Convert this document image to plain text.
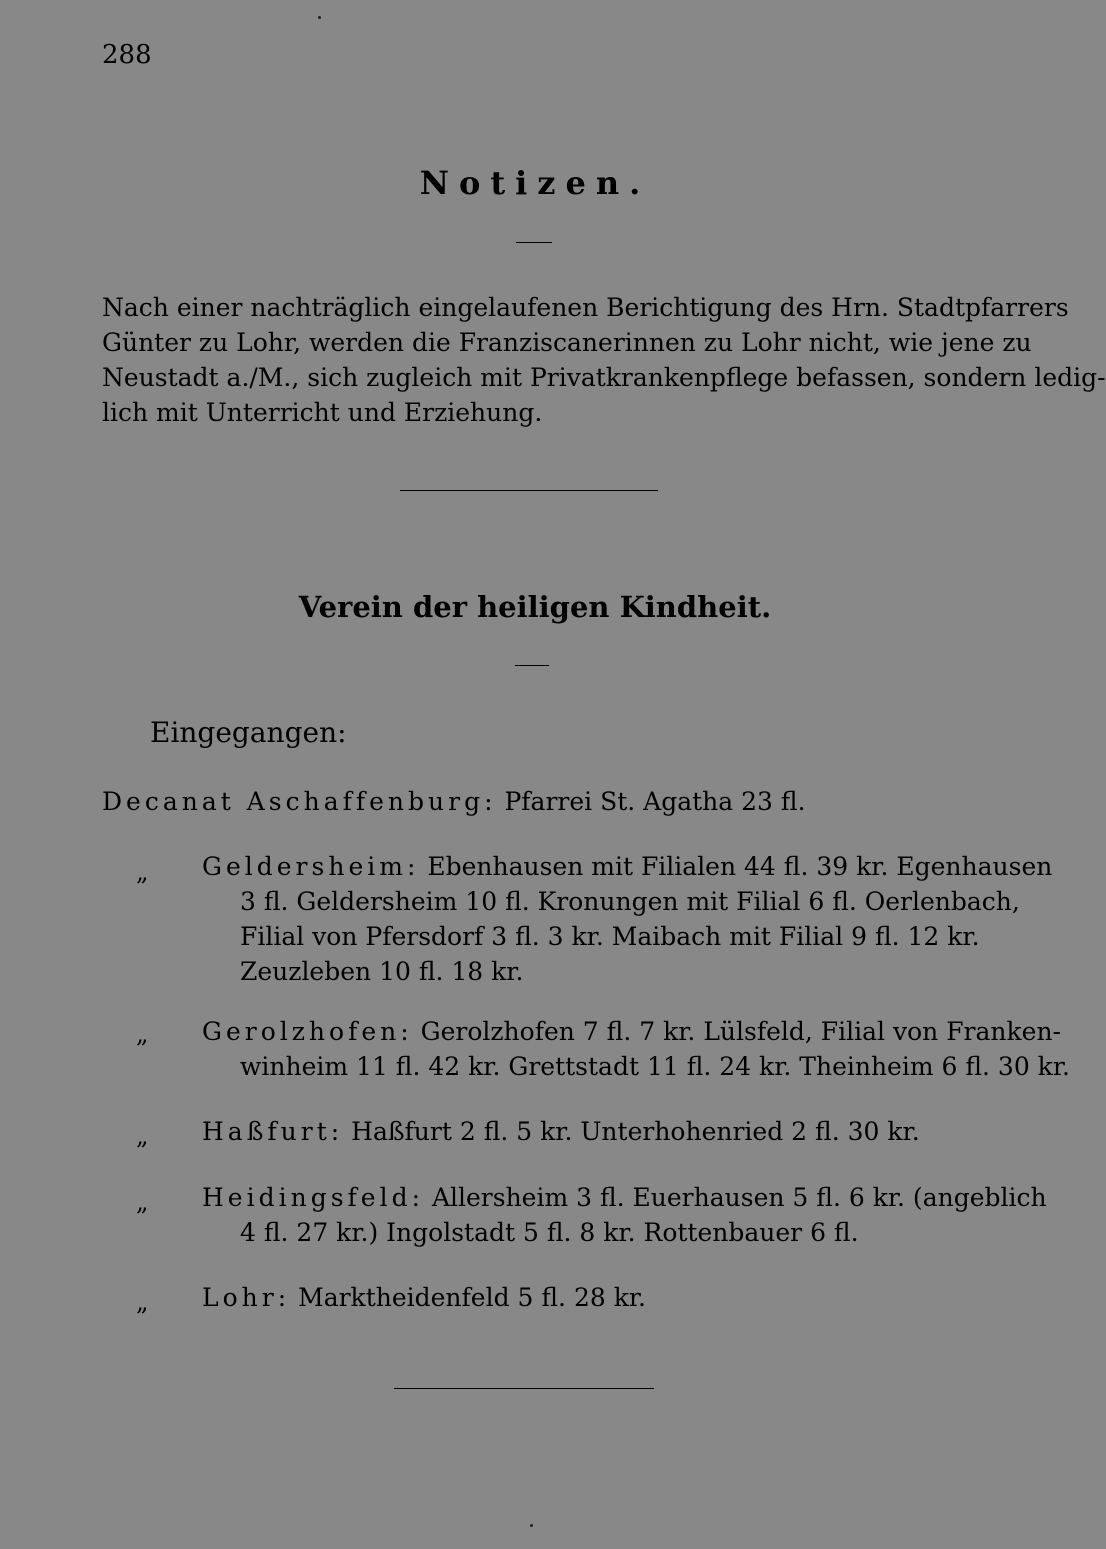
288
Notizen.
Nach einer nachträglich eingelaufenen Berichtigung des Hrn. Stadtpfarrers
Günter zu Lohr, werden die Franziscanerinnen zu Lohr nicht, wie jene zu
Neustadt a./M., sich zugleich mit Privatkrankenpflege befassen, sondern ledig-
lich mit Unterricht und Erziehung.
Verein der heiligen Kindheit.
Eingegangen:
Decanat Aschaffenburg: Pfarrei St. Agatha 23 fl.
„ Geldersheim: Ebenhausen mit Filialen 44 fl. 39 kr. Egenhausen
3 fl. Geldersheim 10 fl. Kronungen mit Filial 6 fl. Oerlenbach,
Filial von Pfersdorf 3 fl. 3 kr. Maibach mit Filial 9 fl. 12 kr.
Zeuzleben 10 fl. 18 kr.
„ Gerolzhofen: Gerolzhofen 7 fl. 7 kr. Lülsfeld, Filial von Franken-
winheim 11 fl. 42 kr. Grettstadt 11 fl. 24 kr. Theinheim 6 fl. 30 kr.
„ Haßfurt: Haßfurt 2 fl. 5 kr. Unterhohenried 2 fl. 30 kr.
„ Heidingsfeld: Allersheim 3 fl. Euerhausen 5 fl. 6 kr. (angeblich
4 fl. 27 kr.) Ingolstadt 5 fl. 8 kr. Rottenbauer 6 fl.
„ Lohr: Marktheidenfeld 5 fl. 28 kr.
